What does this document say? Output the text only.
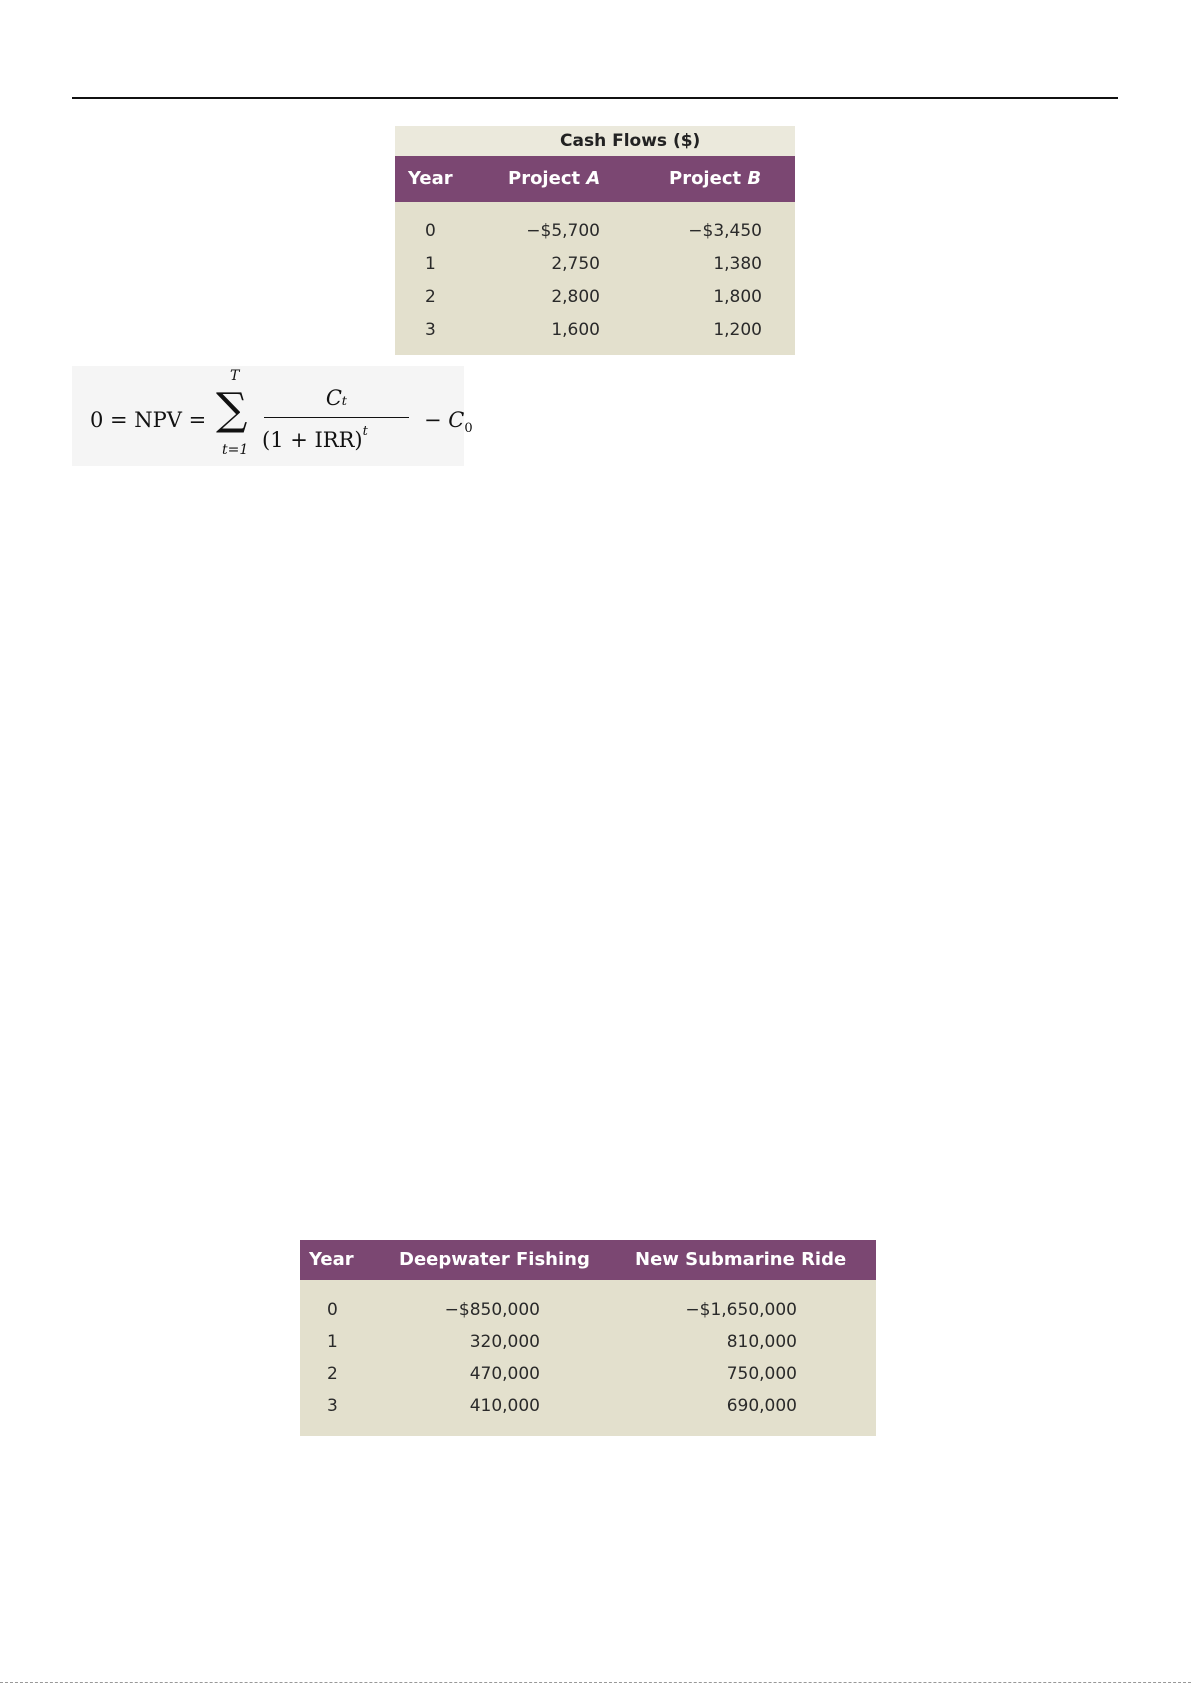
Cash Flows ($)
Year	Project A	Project B
0	−$5,700	−$3,450
1	2,750	1,380
2	2,800	1,800
3	1,600	1,200
0 = NPV =
T
∑
t=1
Cₜ
(1 + IRR)$^t$	− $C_0$
Year	Deepwater Fishing	New Submarine Ride
0	−$850,000	−$1,650,000
1	320,000	810,000
2	470,000	750,000
3	410,000	690,000
